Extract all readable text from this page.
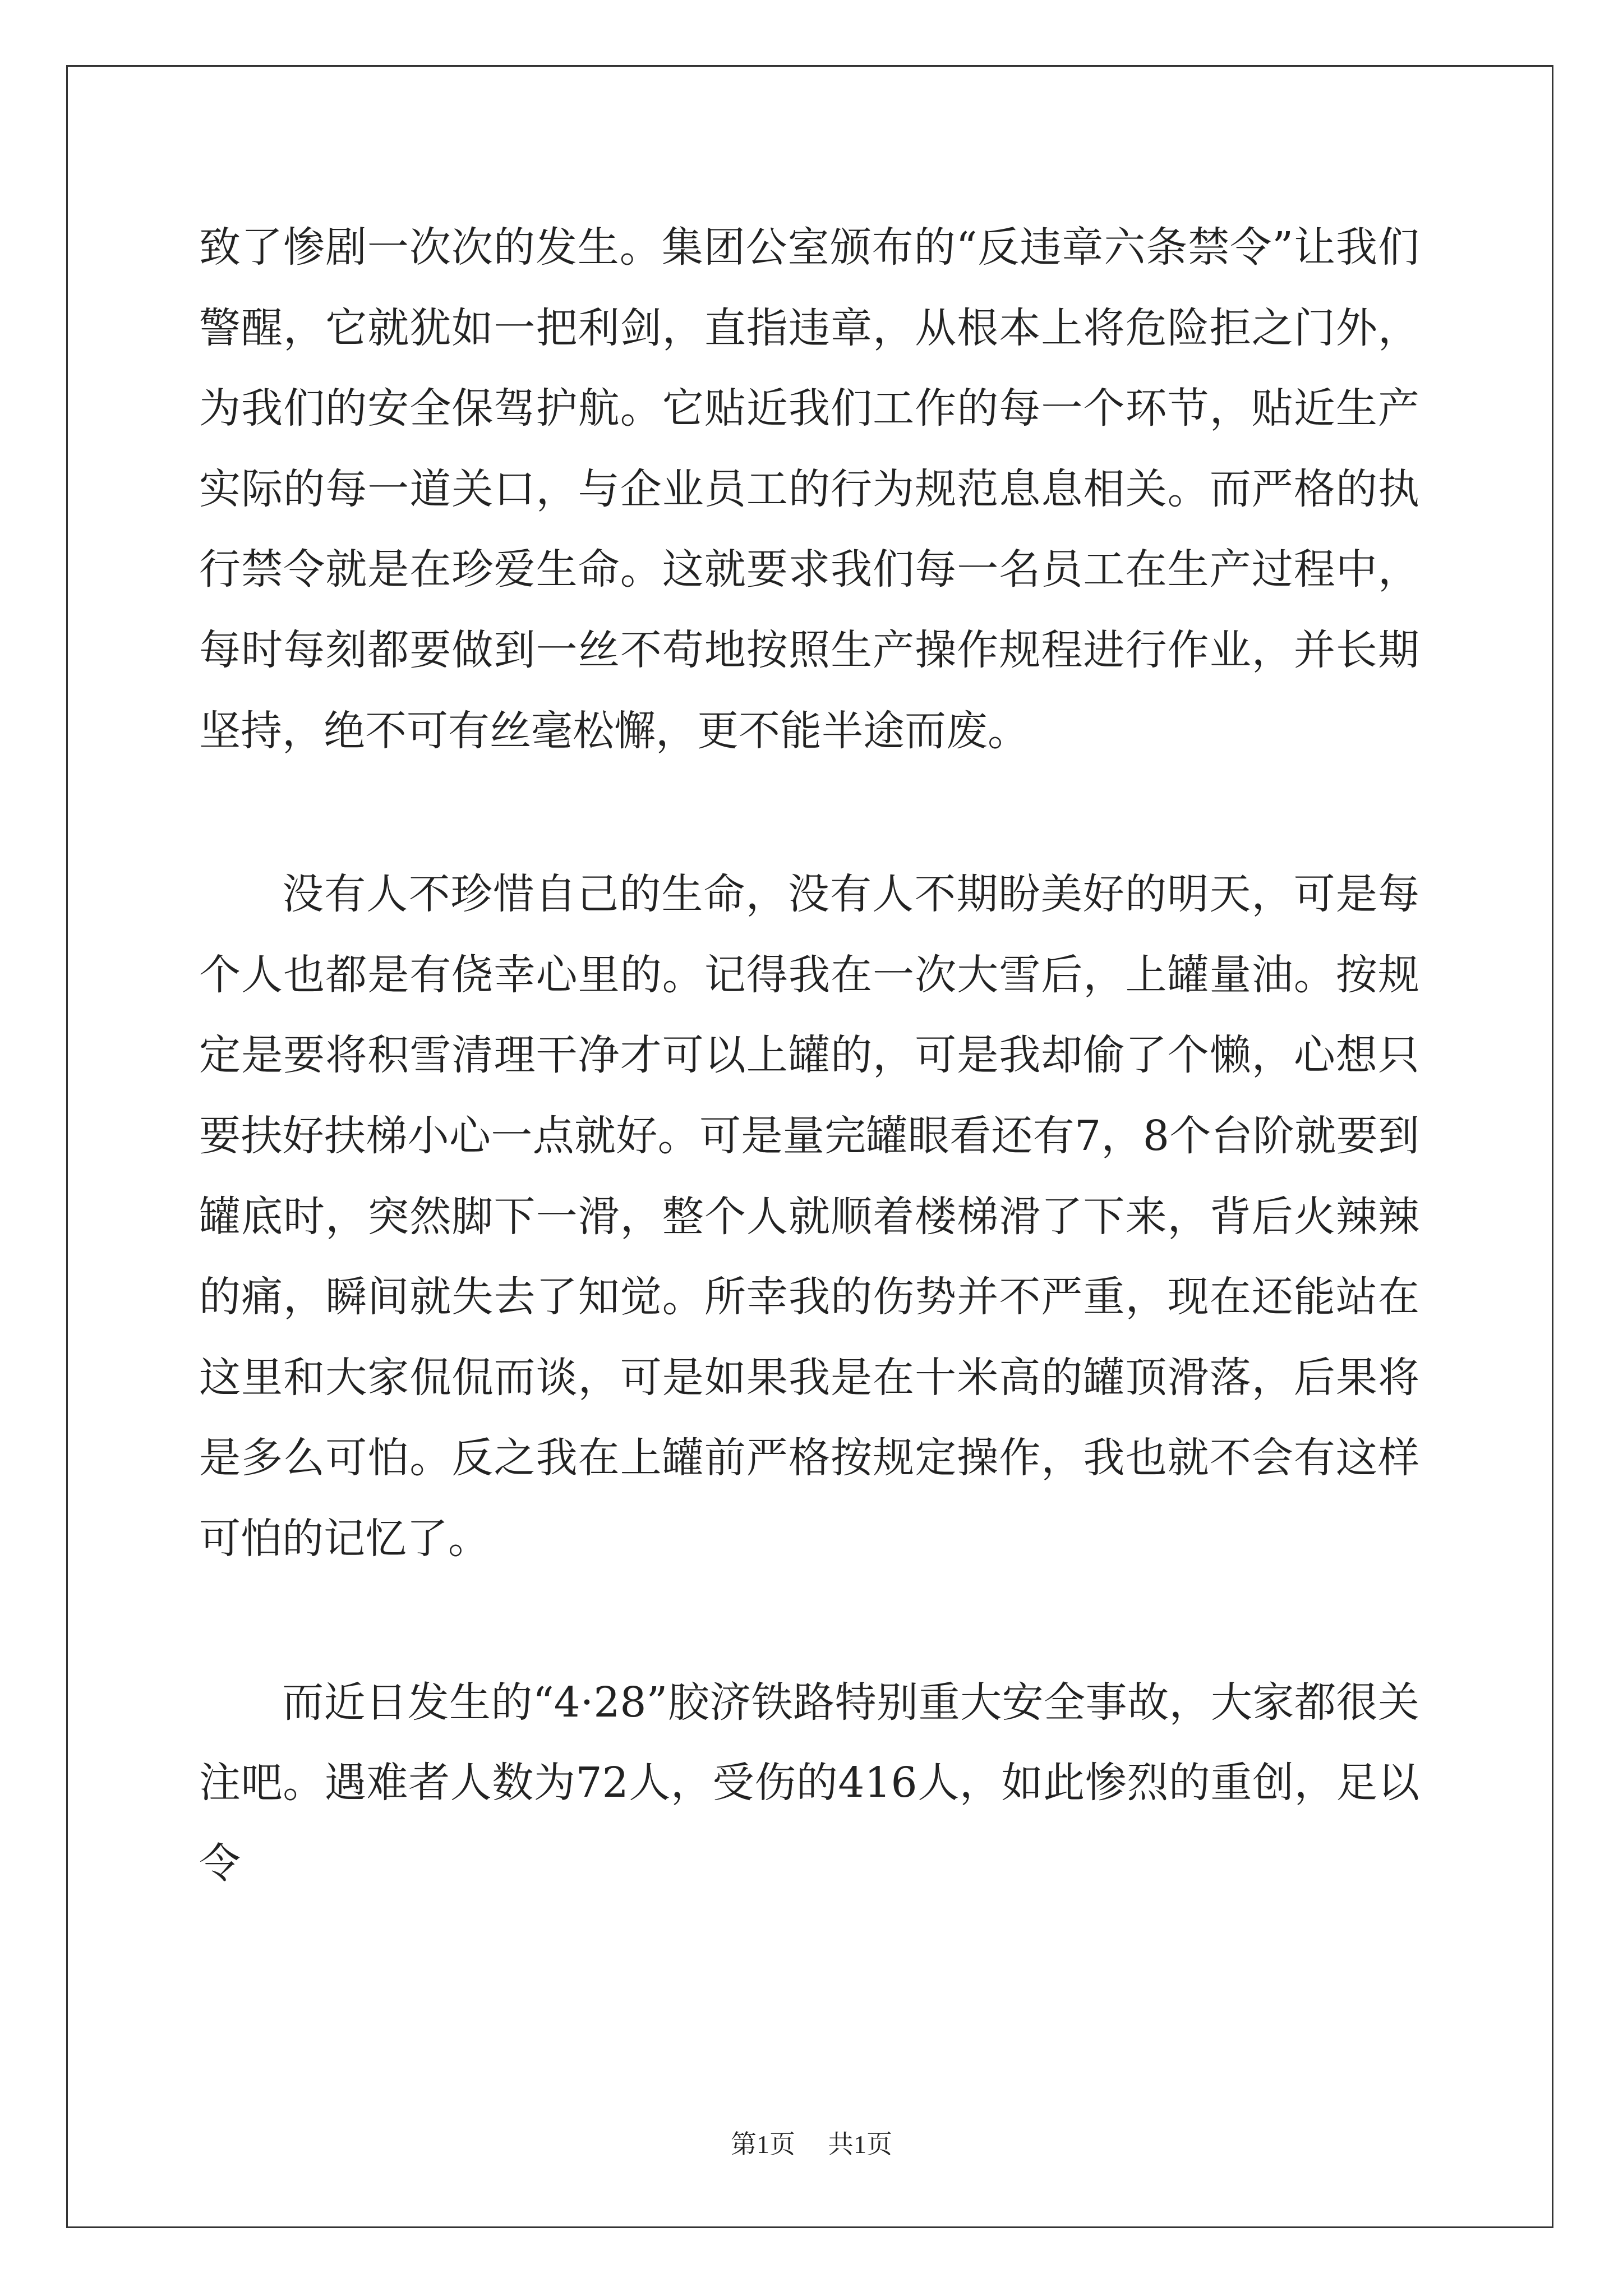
致了惨剧一次次的发生。集团公室颁布的“反违章六条禁令”让我们警醒，它就犹如一把利剑，直指违章，从根本上将危险拒之门外，为我们的安全保驾护航。它贴近我们工作的每一个环节，贴近生产实际的每一道关口，与企业员工的行为规范息息相关。而严格的执行禁令就是在珍爱生命。这就要求我们每一名员工在生产过程中，每时每刻都要做到一丝不苟地按照生产操作规程进行作业，并长期坚持，绝不可有丝毫松懈，更不能半途而废。

没有人不珍惜自己的生命，没有人不期盼美好的明天，可是每个人也都是有侥幸心里的。记得我在一次大雪后，上罐量油。按规定是要将积雪清理干净才可以上罐的，可是我却偷了个懒，心想只要扶好扶梯小心一点就好。可是量完罐眼看还有7，8个台阶就要到罐底时，突然脚下一滑，整个人就顺着楼梯滑了下来，背后火辣辣的痛，瞬间就失去了知觉。所幸我的伤势并不严重，现在还能站在这里和大家侃侃而谈，可是如果我是在十米高的罐顶滑落，后果将是多么可怕。反之我在上罐前严格按规定操作，我也就不会有这样可怕的记忆了。

而近日发生的“4·28”胶济铁路特别重大安全事故，大家都很关注吧。遇难者人数为72人，受伤的416人，如此惨烈的重创，足以令

第1页 共1页
